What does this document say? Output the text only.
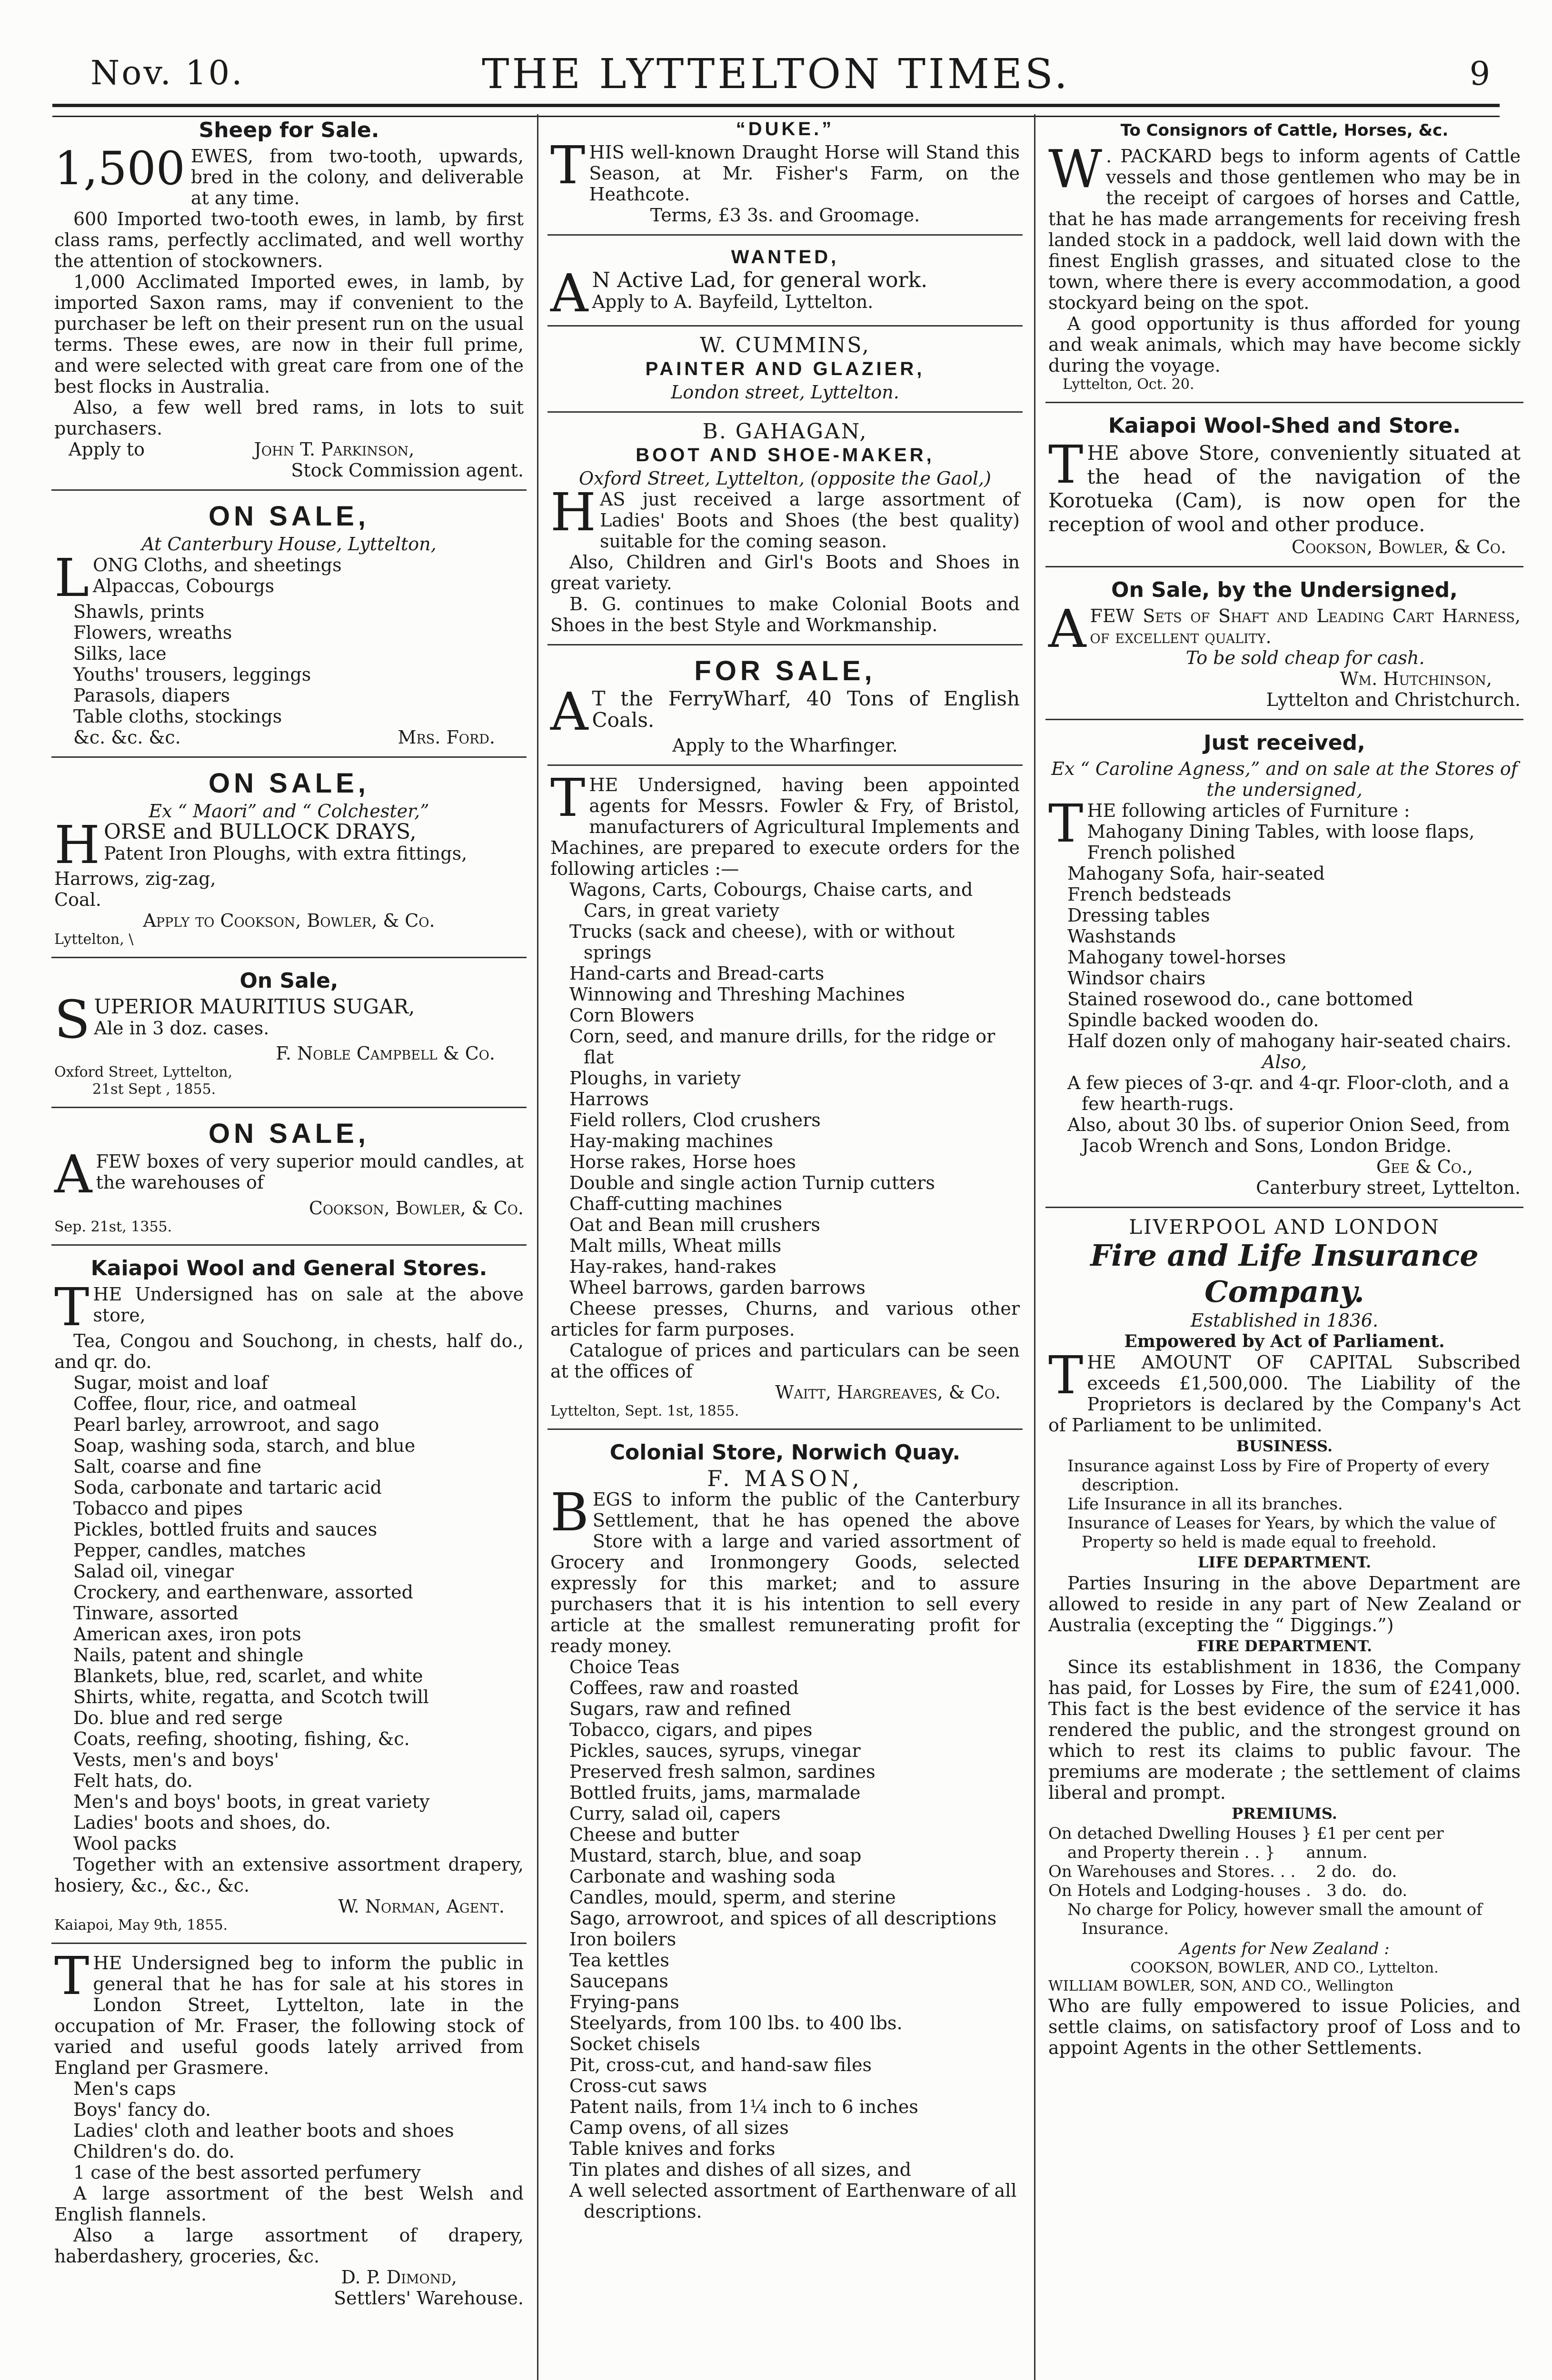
Nov. 10.	THE LYTTELTON TIMES.	9
Sheep for Sale.

1,500 EWES, from two-tooth, upwards, bred in the colony, and deliverable at any time.

600 Imported two-tooth ewes, in lamb, by first class rams, perfectly acclimated, and well worthy the attention of stockowners.

1,000 Acclimated Imported ewes, in lamb, by imported Saxon rams, may if convenient to the purchaser be left on their present run on the usual terms. These ewes, are now in their full prime, and were selected with great care from one of the best flocks in Australia.

Also, a few well bred rams, in lots to suit purchasers.

Apply to	John T. Parkinson,
Stock Commission agent.
ON SALE,
At Canterbury House, Lyttelton,

LONG Cloths, and sheetings

Alpaccas, Cobourgs
Shawls, prints
Flowers, wreaths
Silks, lace
Youths' trousers, leggings
Parasols, diapers
Table cloths, stockings
&c. &c. &c.	Mrs. Ford.
ON SALE,
Ex “ Maori” and “ Colchester,”

HORSE and BULLOCK DRAYS,
Patent Iron Ploughs, with extra fittings,

Harrows, zig-zag,
Coal.
Apply to Cookson, Bowler, & Co.
Lyttelton, \
On Sale,

SUPERIOR MAURITIUS SUGAR,
Ale in 3 doz. cases.

F. Noble Campbell & Co.
Oxford Street, Lyttelton,
21st Sept , 1855.
ON SALE,

AFEW boxes of very superior mould candles, at the warehouses of

Cookson, Bowler, & Co.
Sep. 21st, 1355.
Kaiapoi Wool and General Stores.

THE Undersigned has on sale at the above store,

Tea, Congou and Souchong, in chests, half do., and qr. do.

Sugar, moist and loaf
Coffee, flour, rice, and oatmeal
Pearl barley, arrowroot, and sago
Soap, washing soda, starch, and blue
Salt, coarse and fine
Soda, carbonate and tartaric acid
Tobacco and pipes
Pickles, bottled fruits and sauces
Pepper, candles, matches
Salad oil, vinegar
Crockery, and earthenware, assorted
Tinware, assorted
American axes, iron pots
Nails, patent and shingle
Blankets, blue, red, scarlet, and white
Shirts, white, regatta, and Scotch twill
Do. blue and red serge
Coats, reefing, shooting, fishing, &c.
Vests, men's and boys'
Felt hats, do.
Men's and boys' boots, in great variety
Ladies' boots and shoes, do.
Wool packs

Together with an extensive assortment drapery, hosiery, &c., &c., &c.

W. Norman, Agent.
Kaiapoi, May 9th, 1855.

THE Undersigned beg to inform the public in general that he has for sale at his stores in London Street, Lyttelton, late in the occupation of Mr. Fraser, the following stock of varied and useful goods lately arrived from England per Grasmere.

Men's caps
Boys' fancy do.
Ladies' cloth and leather boots and shoes
Children's do. do.

1 case of the best assorted perfumery

A large assortment of the best Welsh and English flannels.

Also a large assortment of drapery, haberdashery, groceries, &c.

D. P. Dimond,
Settlers' Warehouse.
“DUKE.”

THIS well-known Draught Horse will Stand this Season, at Mr. Fisher's Farm, on the Heathcote.

Terms, £3 3s. and Groomage.
WANTED,

A N Active Lad, for general work.
Apply to A. Bayfeild, Lyttelton.

W. CUMMINS,
PAINTER AND GLAZIER,
London street, Lyttelton.
B. GAHAGAN,
BOOT AND SHOE-MAKER,
Oxford Street, Lyttelton, (opposite the Gaol,)

HAS just received a large assortment of Ladies' Boots and Shoes (the best quality) suitable for the coming season.

Also, Children and Girl's Boots and Shoes in great variety.

B. G. continues to make Colonial Boots and Shoes in the best Style and Workmanship.

FOR SALE,

A T the FerryWharf, 40 Tons of English Coals.

Apply to the Wharfinger.

THE Undersigned, having been appointed agents for Messrs. Fowler & Fry, of Bristol, manufacturers of Agricultural Implements and Machines, are prepared to execute orders for the following articles :—

Wagons, Carts, Cobourgs, Chaise carts, and Cars, in great variety
Trucks (sack and cheese), with or without springs
Hand-carts and Bread-carts
Winnowing and Threshing Machines
Corn Blowers
Corn, seed, and manure drills, for the ridge or flat
Ploughs, in variety
Harrows
Field rollers, Clod crushers
Hay-making machines
Horse rakes, Horse hoes
Double and single action Turnip cutters
Chaff-cutting machines
Oat and Bean mill crushers
Malt mills, Wheat mills
Hay-rakes, hand-rakes
Wheel barrows, garden barrows

Cheese presses, Churns, and various other articles for farm purposes.

Catalogue of prices and particulars can be seen at the offices of

Waitt, Hargreaves, & Co.
Lyttelton, Sept. 1st, 1855.
Colonial Store, Norwich Quay.
F. MASON,

BEGS to inform the public of the Canterbury Settlement, that he has opened the above Store with a large and varied assortment of Grocery and Ironmongery Goods, selected expressly for this market; and to assure purchasers that it is his intention to sell every article at the smallest remunerating profit for ready money.

Choice Teas
Coffees, raw and roasted
Sugars, raw and refined
Tobacco, cigars, and pipes
Pickles, sauces, syrups, vinegar
Preserved fresh salmon, sardines
Bottled fruits, jams, marmalade
Curry, salad oil, capers
Cheese and butter
Mustard, starch, blue, and soap
Carbonate and washing soda
Candles, mould, sperm, and sterine
Sago, arrowroot, and spices of all descriptions
Iron boilers
Tea kettles
Saucepans
Frying-pans
Steelyards, from 100 lbs. to 400 lbs.
Socket chisels
Pit, cross-cut, and hand-saw files
Cross-cut saws
Patent nails, from 1¼ inch to 6 inches
Camp ovens, of all sizes
Table knives and forks
Tin plates and dishes of all sizes, and
A well selected assortment of Earthenware of all descriptions.
To Consignors of Cattle, Horses, &c.

W . PACKARD begs to inform agents of Cattle vessels and those gentlemen who may be in the receipt of cargoes of horses and Cattle, that he has made arrangements for receiving fresh landed stock in a paddock, well laid down with the finest English grasses, and situated close to the town, where there is every accommodation, a good stockyard being on the spot.

A good opportunity is thus afforded for young and weak animals, which may have become sickly during the voyage.

Lyttelton, Oct. 20.
Kaiapoi Wool-Shed and Store.

THE above Store, conveniently situated at the head of the navigation of the Korotueka (Cam), is now open for the reception of wool and other produce.

Cookson, Bowler, & Co.
On Sale, by the Undersigned,

AFEW Sets of Shaft and Leading Cart Harness, of excellent quality.

To be sold cheap for cash.
Wm. Hutchinson,
Lyttelton and Christchurch.
Just received,
Ex “ Caroline Agness,” and on sale at the Stores of the undersigned,

THE following articles of Furniture :

Mahogany Dining Tables, with loose flaps, French polished
Mahogany Sofa, hair-seated
French bedsteads
Dressing tables
Washstands
Mahogany towel-horses
Windsor chairs
Stained rosewood do., cane bottomed
Spindle backed wooden do.
Half dozen only of mahogany hair-seated chairs.
Also,
A few pieces of 3-qr. and 4-qr. Floor-cloth, and a few hearth-rugs.
Also, about 30 lbs. of superior Onion Seed, from Jacob Wrench and Sons, London Bridge.
Gee & Co.,
Canterbury street, Lyttelton.
LIVERPOOL AND LONDON
Fire and Life Insurance Company.
Established in 1836.
Empowered by Act of Parliament.

THE AMOUNT OF CAPITAL Subscribed exceeds £1,500,000. The Liability of the Proprietors is declared by the Company's Act of Parliament to be unlimited.

BUSINESS.
Insurance against Loss by Fire of Property of every description.
Life Insurance in all its branches.
Insurance of Leases for Years, by which the value of Property so held is made equal to freehold.
LIFE DEPARTMENT.

Parties Insuring in the above Department are allowed to reside in any part of New Zealand or Australia (excepting the “ Diggings.”)

FIRE DEPARTMENT.

Since its establishment in 1836, the Company has paid, for Losses by Fire, the sum of £241,000. This fact is the best evidence of the service it has rendered the public, and the strongest ground on which to rest its claims to public favour. The premiums are moderate ; the settlement of claims liberal and prompt.

PREMIUMS.
On detached Dwelling Houses } £1 per cent per
and Property therein . . }      annum.
On Warehouses and Stores. . .    2 do.   do.
On Hotels and Lodging-houses .   3 do.   do.
No charge for Policy, however small the amount of Insurance.
Agents for New Zealand :
COOKSON, BOWLER, AND CO., Lyttelton.
WILLIAM BOWLER, SON, AND CO., Wellington

Who are fully empowered to issue Policies, and settle claims, on satisfactory proof of Loss and to appoint Agents in the other Settlements.
